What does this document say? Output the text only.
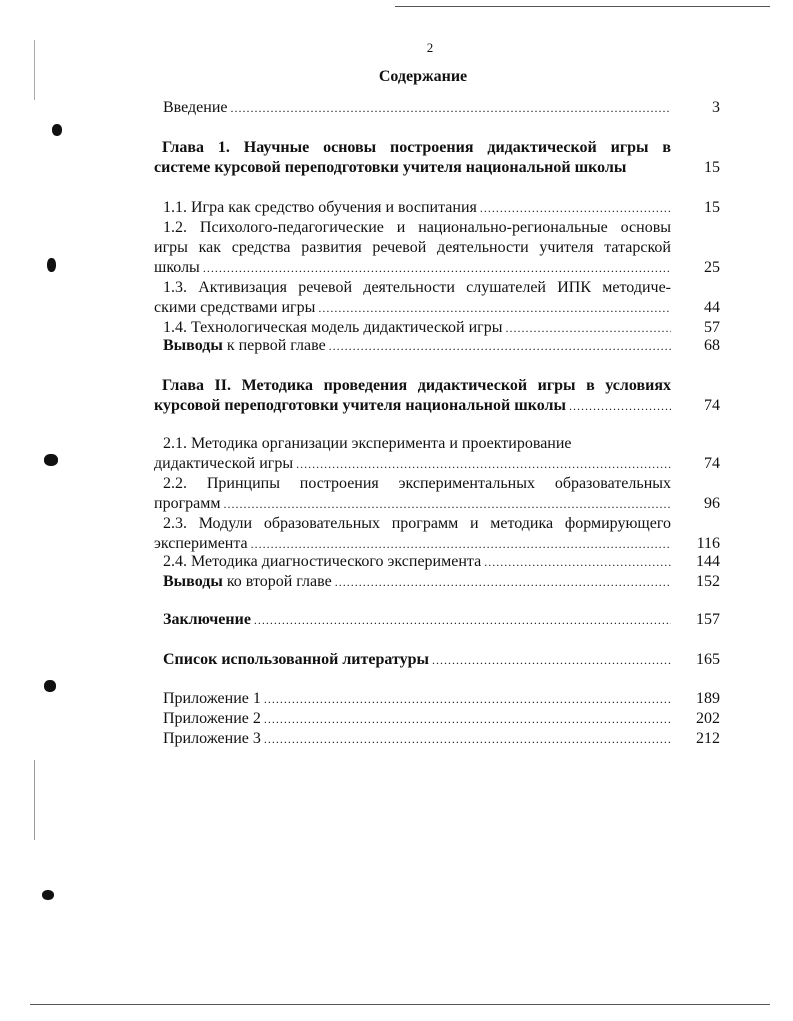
2
Содержание
Введение .....	3
Глава 1. Научные основы построения дидактической игры в
системе курсовой переподготовки учителя национальной школы	15
1.1. Игра как средство обучения и воспитания .....	15
1.2. Психолого-педагогические и национально-региональные основы
игры как средства развития речевой деятельности учителя татарской
школы .....	25
1.3. Активизация речевой деятельности слушателей ИПК методиче-
скими средствами игры .....	44
1.4. Технологическая модель дидактической игры .....	57
Выводы к первой главе .....	68
Глава II. Методика проведения дидактической игры в условиях
курсовой переподготовки учителя национальной школы .....	74
2.1. Методика организации эксперимента и проектирование
дидактической игры .....	74
2.2. Принципы построения экспериментальных образовательных
программ .....	96
2.3. Модули образовательных программ и методика формирующего
эксперимента .....	116
2.4. Методика диагностического эксперимента .....	144
Выводы ко второй главе .....	152
Заключение .....	157
Список использованной литературы .....	165
Приложение 1 .....	189
Приложение 2 .....	202
Приложение 3 .....	212
